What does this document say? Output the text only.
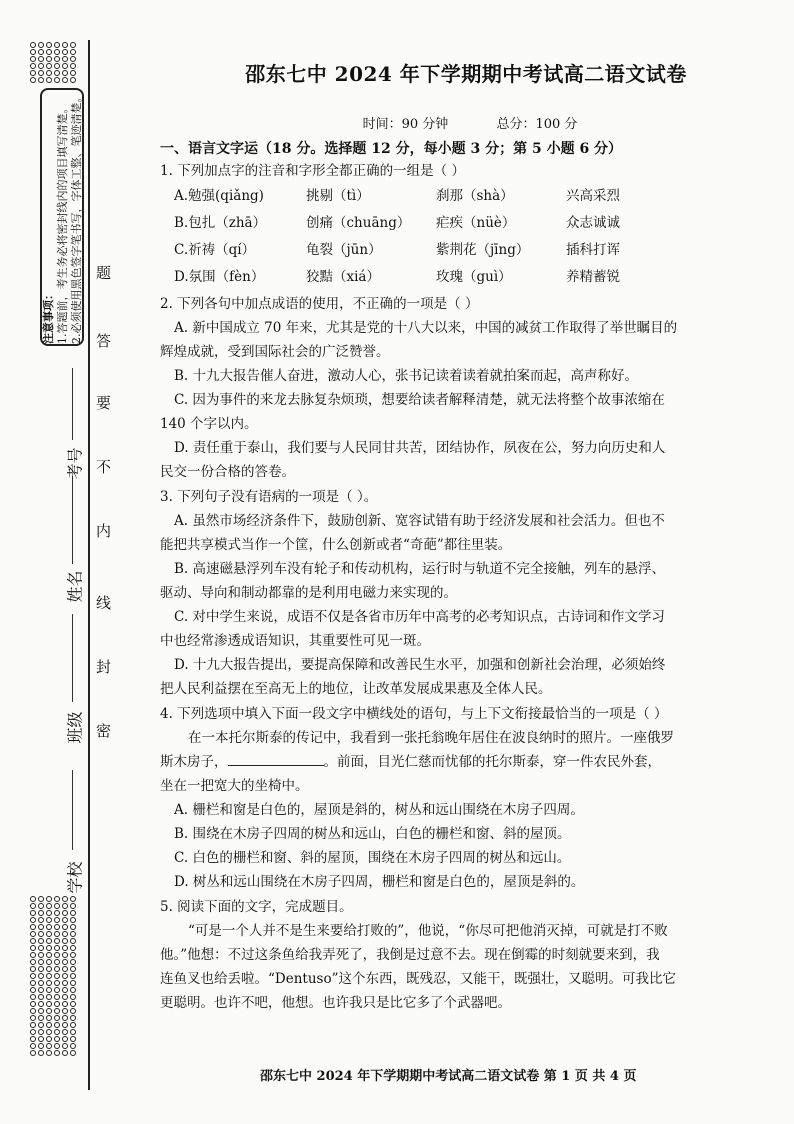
注意事项： 1.答题前，考生务必将密封线内的项目填写清楚。 2.必须使用黑色签字笔书写，字体工整、笔迹清楚。 题
答
要
不
内
线
封
密
学校
班级
姓名
考号
邵东七中 2024 年下学期期中考试高二语文试卷
时间：90 分钟	总分：100 分
一、语言文字运（18 分。选择题 12 分，每小题 3 分；第 5 小题 6 分）

1. 下列加点字的注音和字形全都正确的一组是（ ）

A.勉强(qiǎng)	挑剔（tì）	刹那（shà）	兴高采烈
B.包扎（zhā）	创痛（chuāng）	疟疾（nüè）	众志诚诚
C.祈祷（qí）	龟裂（jūn）	紫荆花（jīng）	插科打诨
D.氛围（fèn）	狡黠（xiá）	玫瑰（guì）	养精蓄锐

2. 下列各句中加点成语的使用，不正确的一项是（ ）

A. 新中国成立 70 年来，尤其是党的十八大以来，中国的减贫工作取得了举世瞩目的

辉煌成就，受到国际社会的广泛赞誉。

B. 十九大报告催人奋进，激动人心，张书记读着读着就拍案而起，高声称好。

C. 因为事件的来龙去脉复杂烦琐，想要给读者解释清楚，就无法将整个故事浓缩在

140 个字以内。

D. 责任重于泰山，我们要与人民同甘共苦，团结协作，夙夜在公，努力向历史和人

民交一份合格的答卷。

3. 下列句子没有语病的一项是（ ）。

A. 虽然市场经济条件下，鼓励创新、宽容试错有助于经济发展和社会活力。但也不

能把共享模式当作一个筐，什么创新或者“奇葩”都往里装。

B. 高速磁悬浮列车没有轮子和传动机构，运行时与轨道不完全接触，列车的悬浮、

驱动、导向和制动都靠的是利用电磁力来实现的。

C. 对中学生来说，成语不仅是各省市历年中高考的必考知识点，古诗词和作文学习

中也经常渗透成语知识，其重要性可见一斑。

D. 十九大报告提出，要提高保障和改善民生水平，加强和创新社会治理，必须始终

把人民利益摆在至高无上的地位，让改革发展成果惠及全体人民。

4. 下列选项中填入下面一段文字中横线处的语句，与上下文衔接最恰当的一项是（ ）

在一本托尔斯泰的传记中，我看到一张托翁晚年居住在波良纳时的照片。一座俄罗

斯木房子，	。前面，目光仁慈而忧郁的托尔斯泰，穿一件农民外套，

坐在一把宽大的坐椅中。

A. 栅栏和窗是白色的，屋顶是斜的，树丛和远山围绕在木房子四周。

B. 围绕在木房子四周的树丛和远山，白色的栅栏和窗、斜的屋顶。

C. 白色的栅栏和窗、斜的屋顶，围绕在木房子四周的树丛和远山。

D. 树丛和远山围绕在木房子四周，栅栏和窗是白色的，屋顶是斜的。

5. 阅读下面的文字，完成题目。

“可是一个人并不是生来要给打败的”，他说，“你尽可把他消灭掉，可就是打不败

他。”他想：不过这条鱼给我弄死了，我倒是过意不去。现在倒霉的时刻就要来到，我

连鱼叉也给丢啦。“Dentuso”这个东西，既残忍，又能干，既强壮，又聪明。可我比它

更聪明。也许不吧，他想。也许我只是比它多了个武器吧。

邵东七中 2024 年下学期期中考试高二语文试卷 第 1 页 共 4 页
